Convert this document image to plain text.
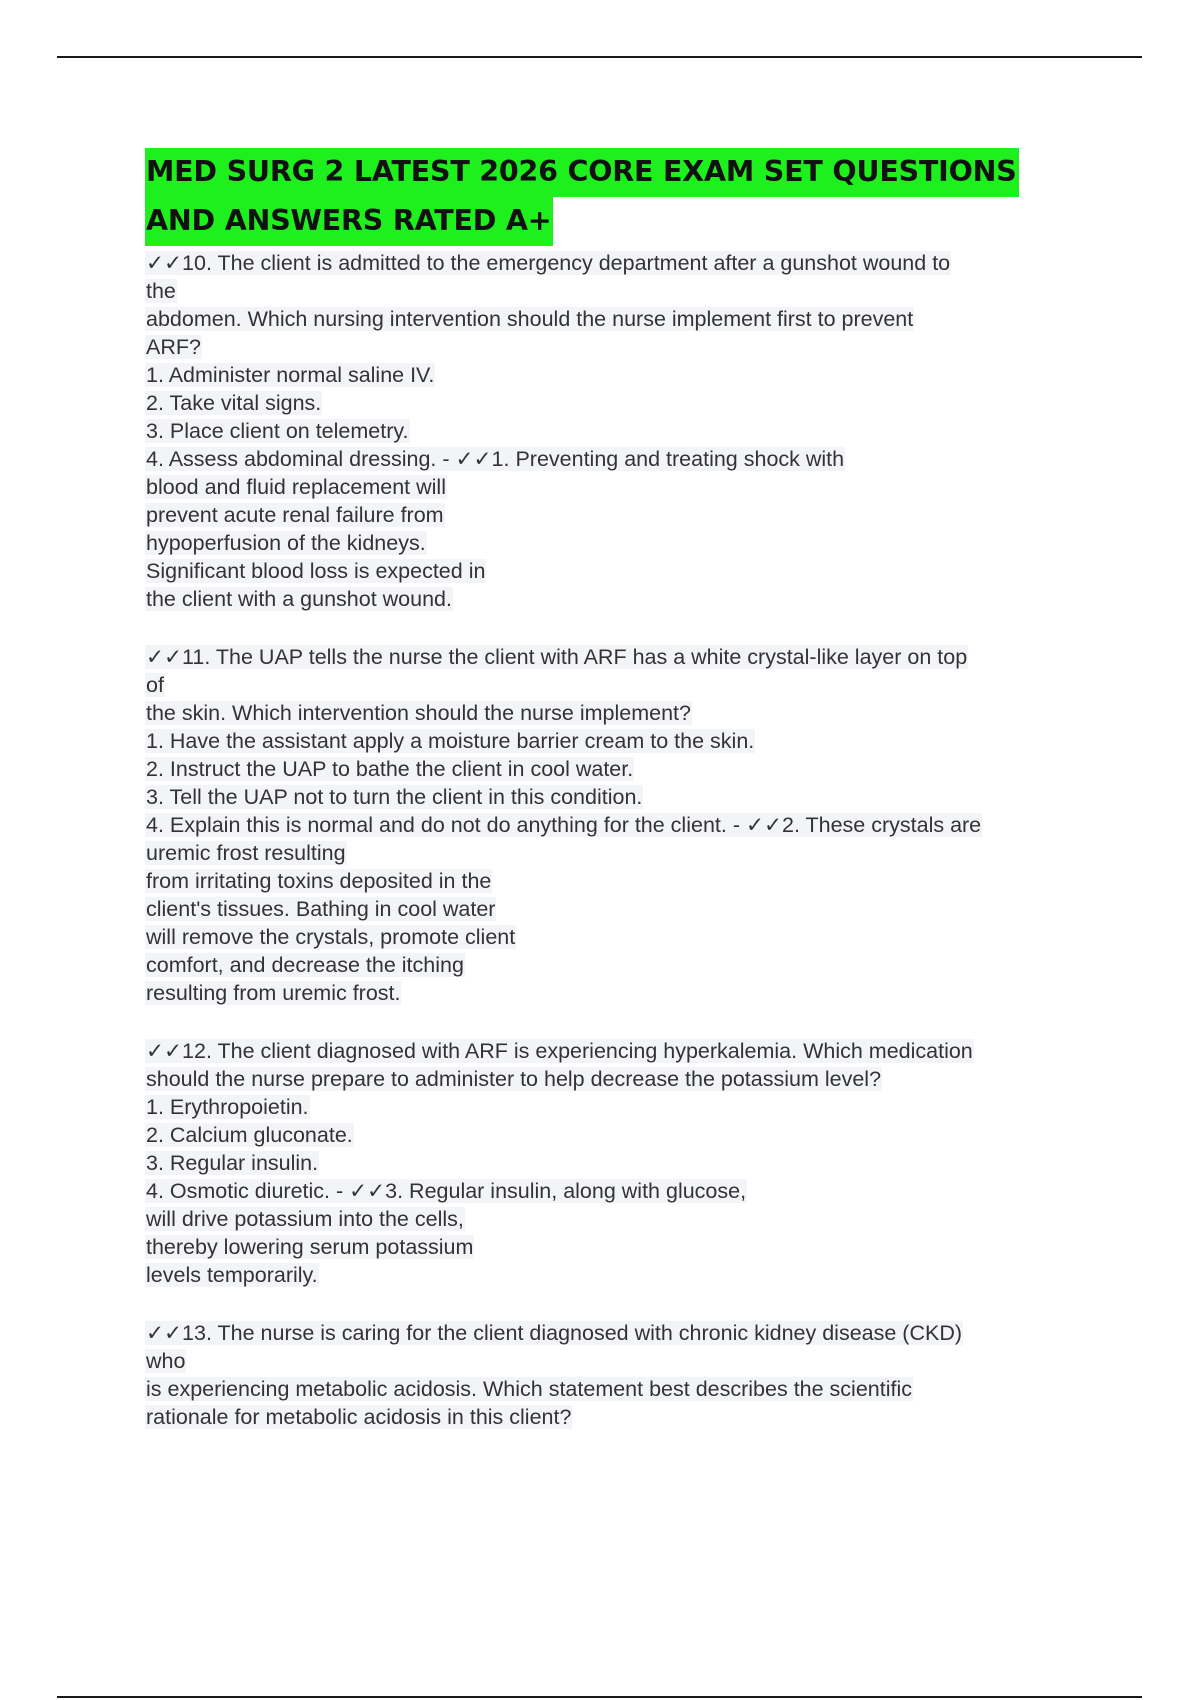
MED SURG 2 LATEST 2026 CORE EXAM SET QUESTIONS
AND ANSWERS RATED A+
✓✓10. The client is admitted to the emergency department after a gunshot wound to
the
abdomen. Which nursing intervention should the nurse implement first to prevent
ARF?
1. Administer normal saline IV.
2. Take vital signs.
3. Place client on telemetry.
4. Assess abdominal dressing. - ✓✓1. Preventing and treating shock with
blood and fluid replacement will
prevent acute renal failure from
hypoperfusion of the kidneys.
Significant blood loss is expected in
the client with a gunshot wound.
✓✓11. The UAP tells the nurse the client with ARF has a white crystal-like layer on top
of
the skin. Which intervention should the nurse implement?
1. Have the assistant apply a moisture barrier cream to the skin.
2. Instruct the UAP to bathe the client in cool water.
3. Tell the UAP not to turn the client in this condition.
4. Explain this is normal and do not do anything for the client. - ✓✓2. These crystals are
uremic frost resulting
from irritating toxins deposited in the
client's tissues. Bathing in cool water
will remove the crystals, promote client
comfort, and decrease the itching
resulting from uremic frost.
✓✓12. The client diagnosed with ARF is experiencing hyperkalemia. Which medication
should the nurse prepare to administer to help decrease the potassium level?
1. Erythropoietin.
2. Calcium gluconate.
3. Regular insulin.
4. Osmotic diuretic. - ✓✓3. Regular insulin, along with glucose,
will drive potassium into the cells,
thereby lowering serum potassium
levels temporarily.
✓✓13. The nurse is caring for the client diagnosed with chronic kidney disease (CKD)
who
is experiencing metabolic acidosis. Which statement best describes the scientific
rationale for metabolic acidosis in this client?
